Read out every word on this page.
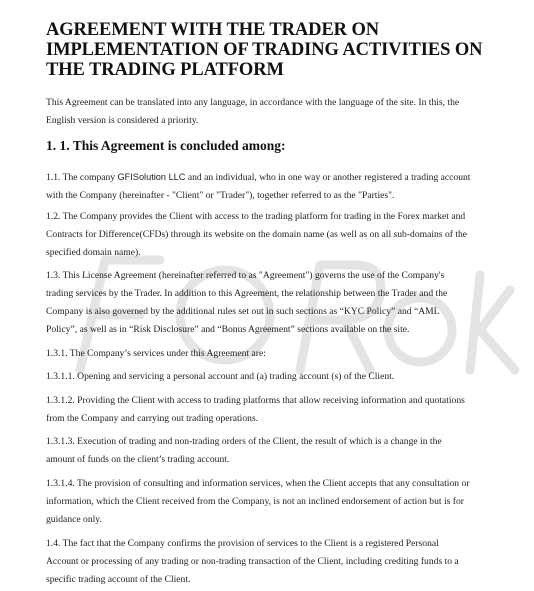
AGREEMENT WITH THE TRADER ON
IMPLEMENTATION OF TRADING ACTIVITIES ON
THE TRADING PLATFORM

This Agreement can be translated into any language, in accordance with the language of the site. In this, the
English version is considered a priority.

1. 1. This Agreement is concluded among:

1.1. The company GFISolution LLC and an individual, who in one way or another registered a trading account
with the Company (hereinafter - "Client" or "Trader"), together referred to as the "Parties".

1.2. The Company provides the Client with access to the trading platform for trading in the Forex market and
Contracts for Difference(CFDs) through its website on the domain name (as well as on all sub-domains of the
specified domain name).

1.3. This License Agreement (hereinafter referred to as "Agreement") governs the use of the Company's
trading services by the Trader. In addition to this Agreement, the relationship between the Trader and the
Company is also governed by the additional rules set out in such sections as “KYC Policy” and “AML
Policy”, as well as in “Risk Disclosure” and “Bonus Agreement” sections available on the site.

1.3.1. The Company’s services under this Agreement are:

1.3.1.1. Opening and servicing a personal account and (a) trading account (s) of the Client.

1.3.1.2. Providing the Client with access to trading platforms that allow receiving information and quotations
from the Company and carrying out trading operations.

1.3.1.3. Execution of trading and non-trading orders of the Client, the result of which is a change in the
amount of funds on the client’s trading account.

1.3.1.4. The provision of consulting and information services, when the Client accepts that any consultation or
information, which the Client received from the Company, is not an inclined endorsement of action but is for
guidance only.

1.4. The fact that the Company confirms the provision of services to the Client is a registered Personal
Account or processing of any trading or non-trading transaction of the Client, including crediting funds to a
specific trading account of the Client.
